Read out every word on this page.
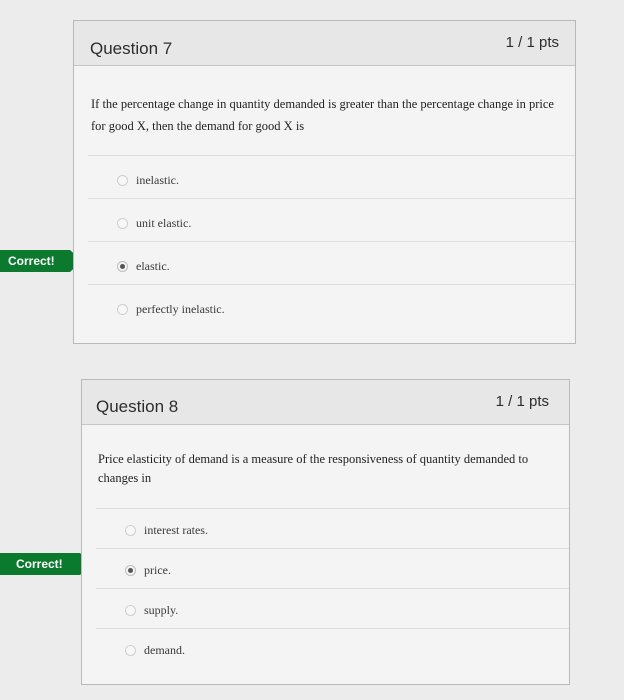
Correct!
Correct!
Question 7	1 / 1 pts
If the percentage change in quantity demanded is greater than the percentage change in price for good X, then the demand for good X is
inelastic.
unit elastic.
elastic.
perfectly inelastic.
Question 8	1 / 1 pts
Price elasticity of demand is a measure of the responsiveness of quantity demanded to changes in
interest rates.
price.
supply.
demand.
